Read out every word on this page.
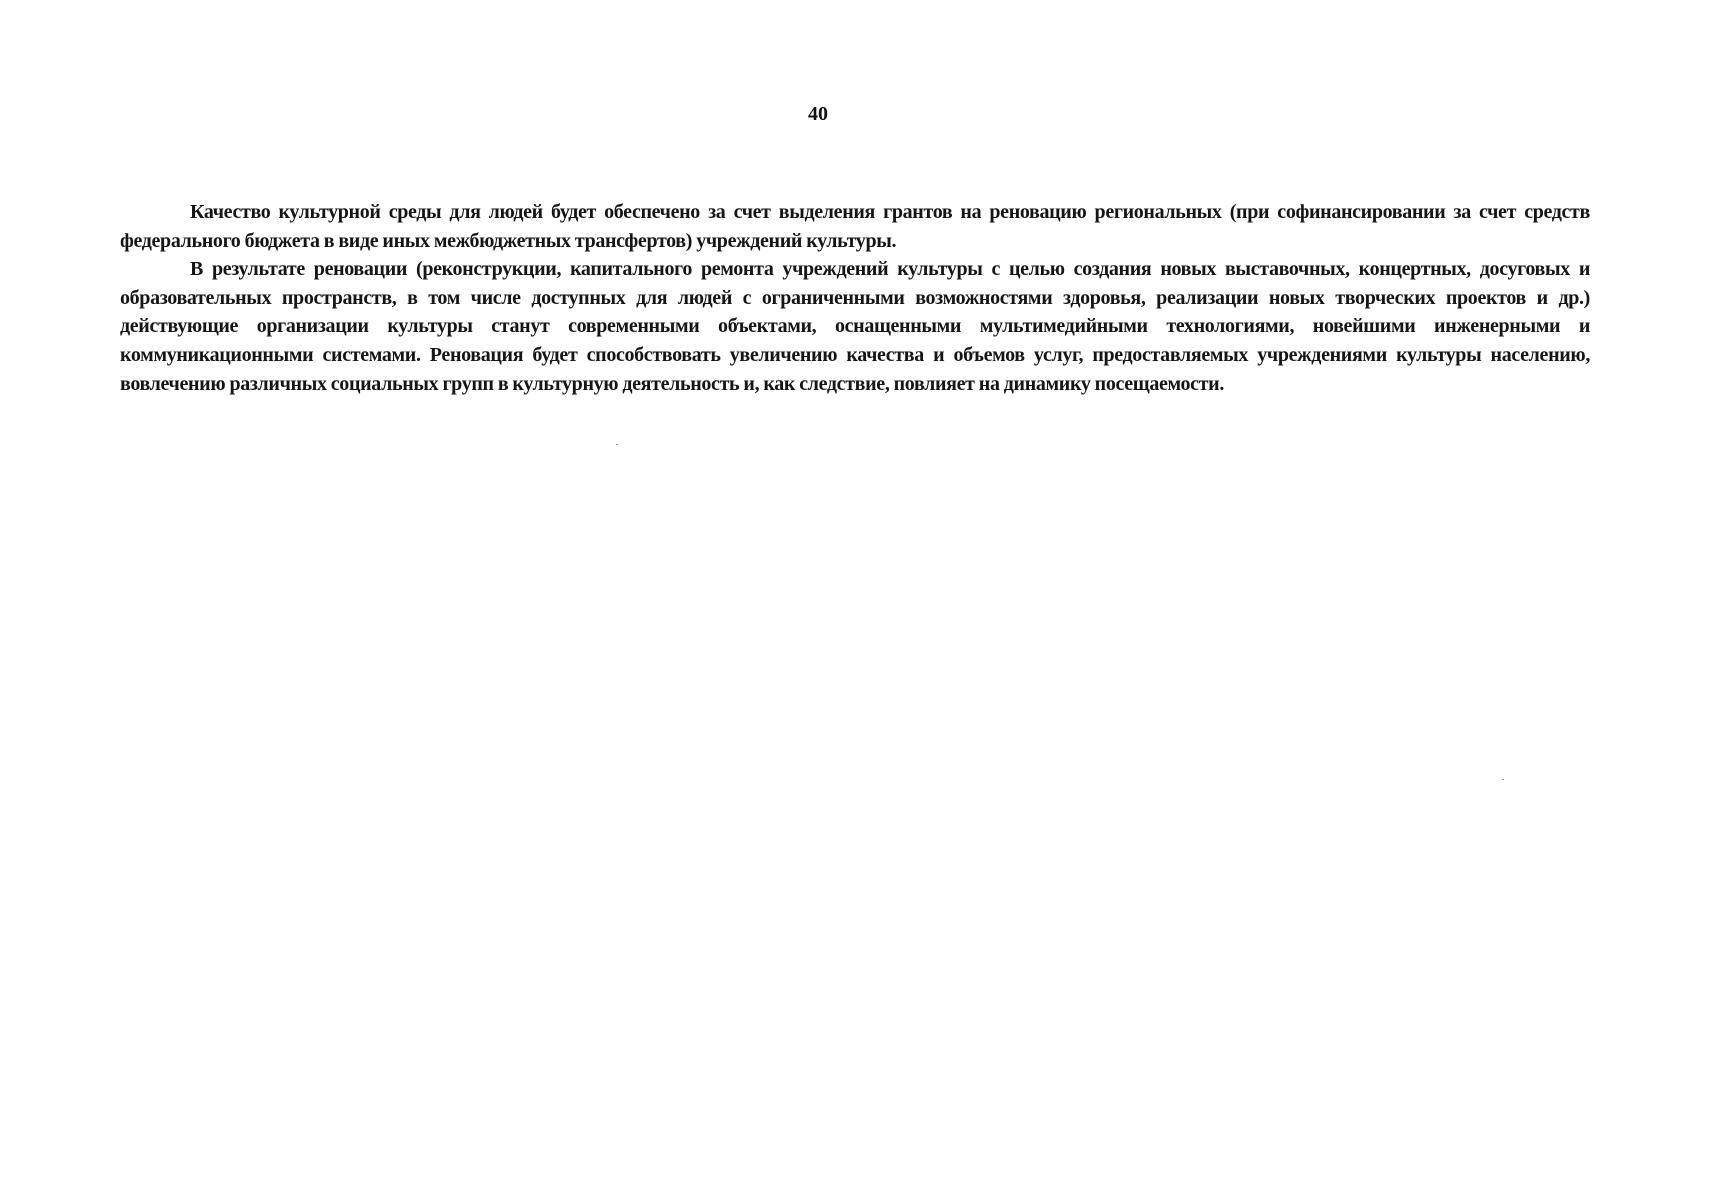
40

Качество культурной среды для людей будет обеспечено за счет выделения грантов на реновацию региональных (при софинансировании за счет средств федерального бюджета в виде иных межбюджетных трансфертов) учреждений культуры.

В результате реновации (реконструкции, капитального ремонта учреждений культуры с целью создания новых выставочных, концертных, досуговых и образовательных пространств, в том числе доступных для людей с ограниченными возможностями здоровья, реализации новых творческих проектов и др.) действующие организации культуры станут современными объектами, оснащенными мультимедийными технологиями, новейшими инженерными и коммуникационными системами. Реновация будет способствовать увеличению качества и объемов услуг, предоставляемых учреждениями культуры населению, вовлечению различных социальных групп в культурную деятельность и, как следствие, повлияет на динамику посещаемости.
